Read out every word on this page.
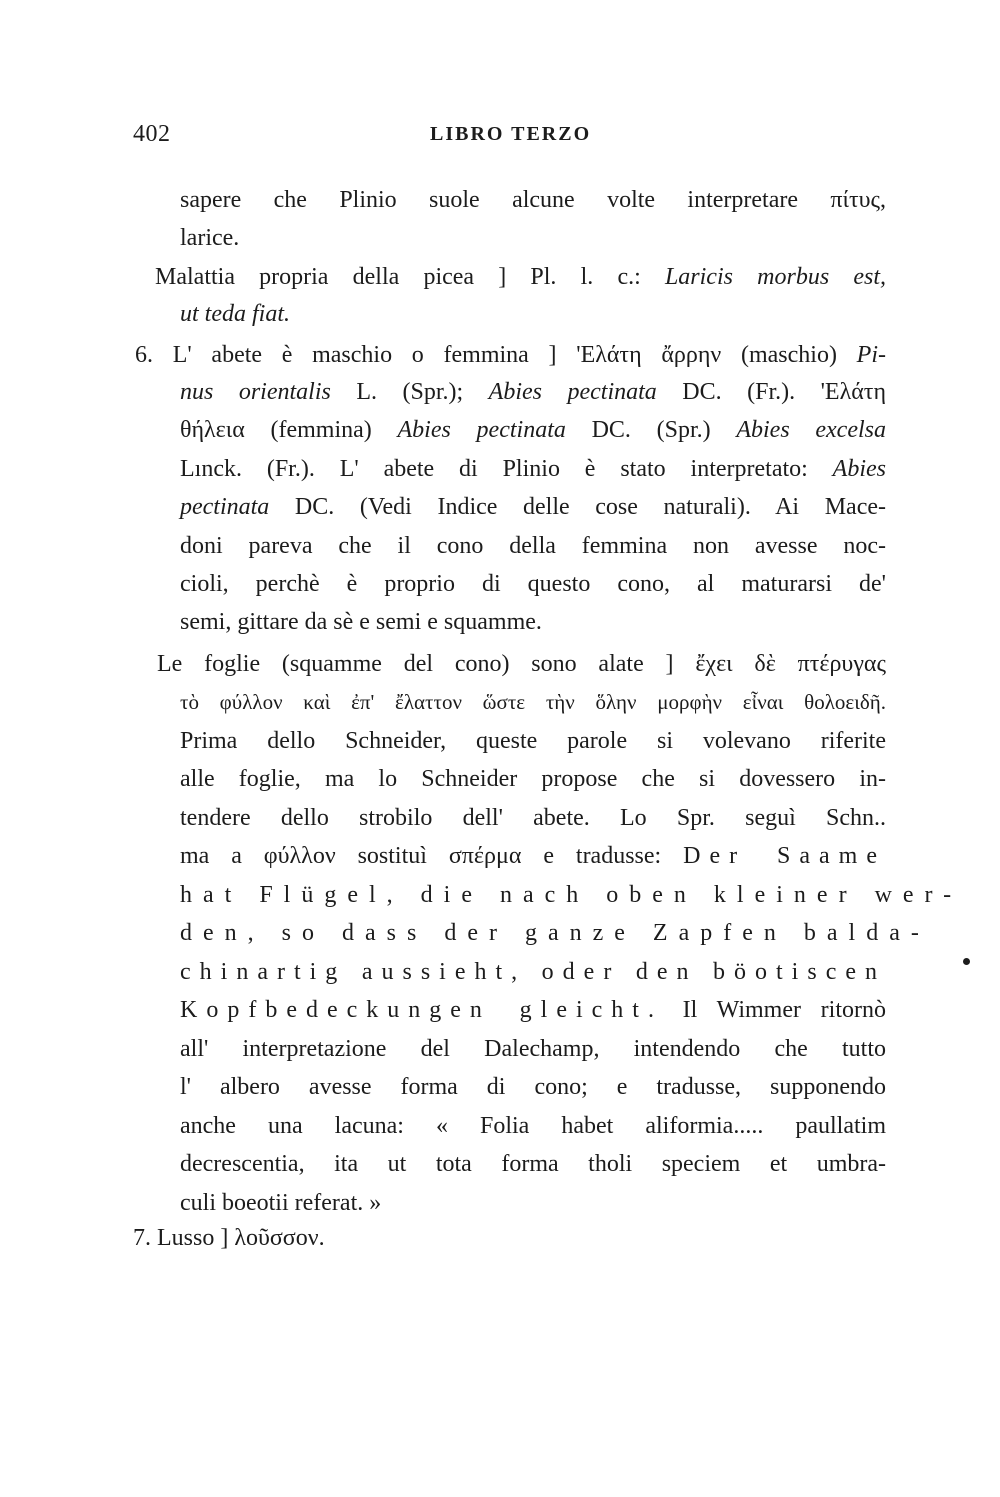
402	LIBRO TERZO
sapere che Plinio suole alcune volte interpretare πίτυς,
larice.
Malattia propria della picea ] Pl. l. c.: Laricis morbus est,
ut teda fiat.
6. L' abete è maschio o femmina ] 'Ελάτη ἄρρην (maschio) Pi-
nus orientalis L. (Spr.); Abies pectinata DC. (Fr.). 'Ελάτη
θήλεια (femmina) Abies pectinata DC. (Spr.) Abies excelsa
Lınck. (Fr.). L' abete di Plinio è stato interpretato: Abies
pectinata DC. (Vedi Indice delle cose naturali). Ai Mace-
doni pareva che il cono della femmina non avesse noc-
cioli, perchè è proprio di questo cono, al maturarsi de'
semi, gittare da sè e semi e squamme.
Le foglie (squamme del cono) sono alate ] ἔχει δὲ πτέρυγας
τὸ φύλλον καὶ ἐπ' ἔλαττον ὥστε τὴν ὅλην μορφὴν εἶναι θολοειδῆ.
Prima dello Schneider, queste parole si volevano riferite
alle foglie, ma lo Schneider propose che si dovessero in-
tendere dello strobilo dell' abete. Lo Spr. seguì Schn..
ma a φύλλον sostituì σπέρμα e tradusse: Der Saame
hat Flügel, die nach oben kleiner wer-
den, so dass der ganze Zapfen balda-
chinartig aussieht, oder den böotiscen
Kopfbedeckungen gleicht. Il Wimmer ritornò
all' interpretazione del Dalechamp, intendendo che tutto
l' albero avesse forma di cono; e tradusse, supponendo
anche una lacuna: « Folia habet aliformia..... paullatim
decrescentia, ita ut tota forma tholi speciem et umbra-
culi boeotii referat. »
7. Lusso ] λοῦσσον.
